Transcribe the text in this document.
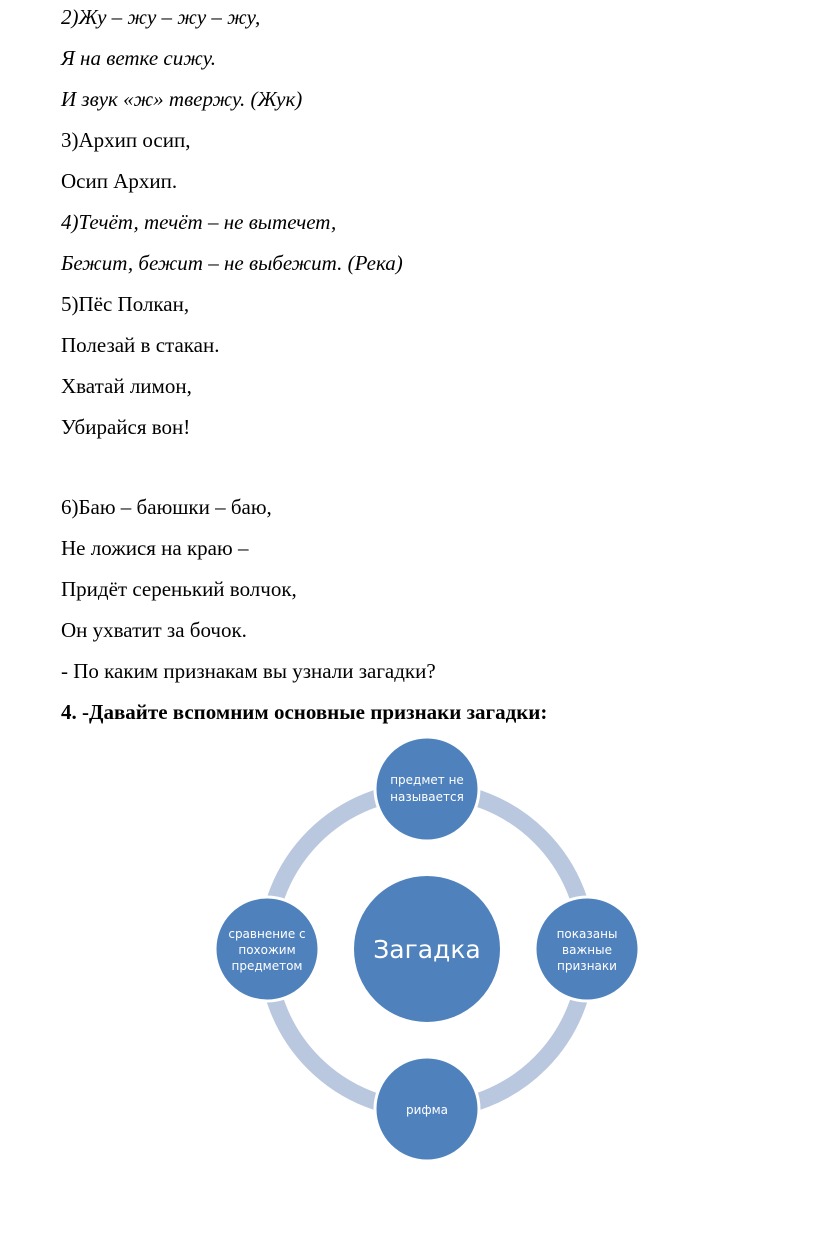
2)Жу – жу – жу – жу,
Я на ветке сижу.
И звук «ж» твержу. (Жук)
3)Архип осип,
Осип Архип.
4)Течёт, течёт – не вытечет,
Бежит, бежит – не выбежит. (Река)
5)Пёс Полкан,
Полезай в стакан.
Хватай лимон,
Убирайся вон!
6)Баю – баюшки – баю,
Не ложися на краю –
Придёт серенький волчок,
Он ухватит за бочок.
- По каким признакам вы узнали загадки?
4. -Давайте вспомним основные признаки загадки:
Загадка
предмет не
называется
показаны
важные
признаки
рифма
сравнение с
похожим
предметом
